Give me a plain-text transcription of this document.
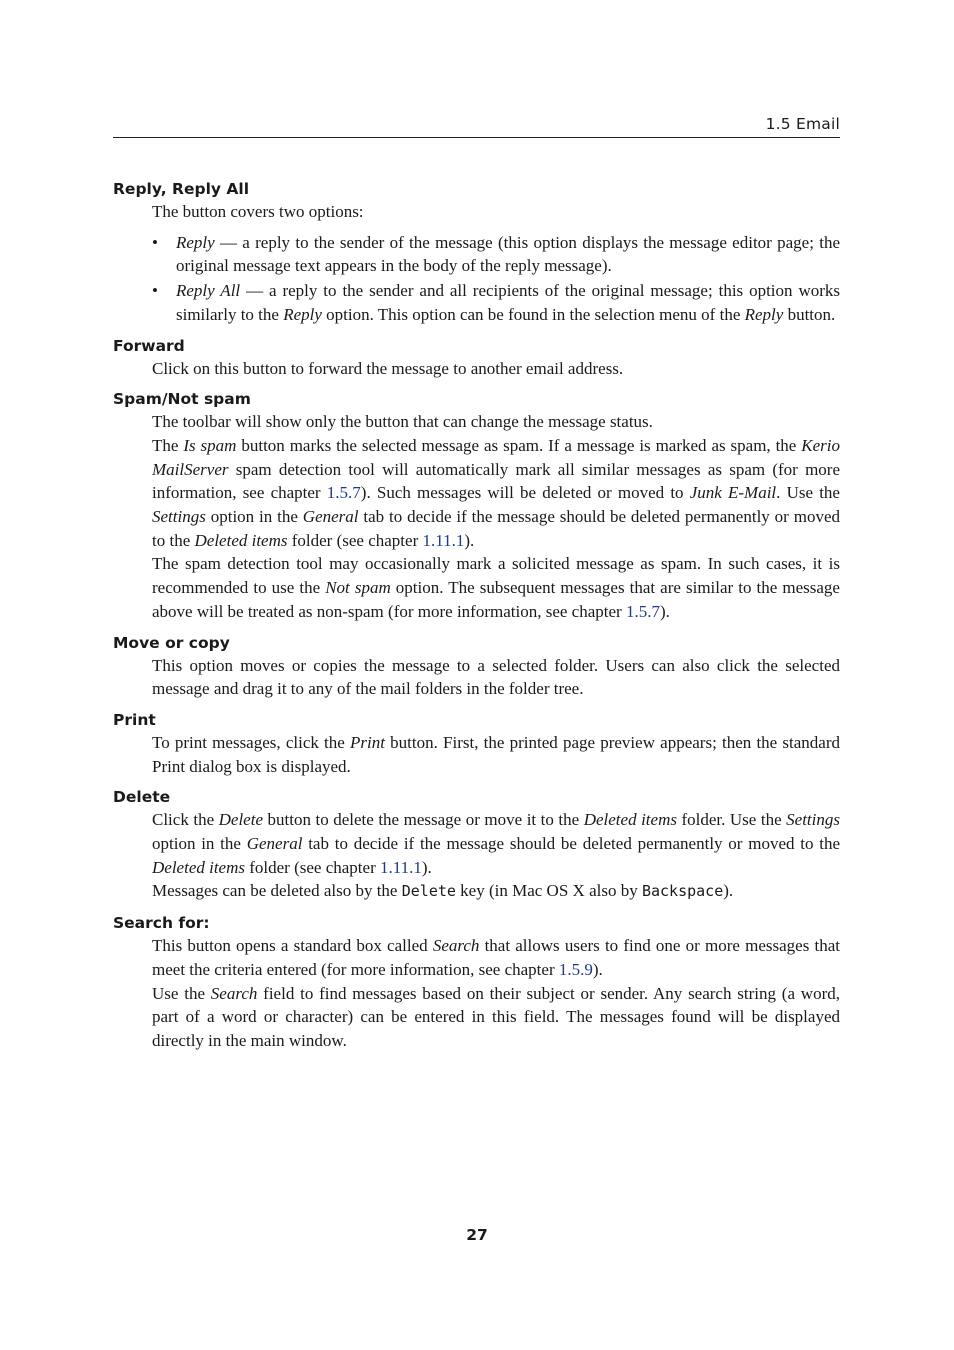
1.5 Email
Reply, Reply All

The button covers two options:

• Reply — a reply to the sender of the message (this option displays the message editor page; the original message text appears in the body of the reply message).
• Reply All — a reply to the sender and all recipients of the original message; this option works similarly to the Reply option. This option can be found in the selection menu of the Reply button.
Forward

Click on this button to forward the message to another email address.

Spam/Not spam

The toolbar will show only the button that can change the message status.

The Is spam button marks the selected message as spam. If a message is marked as spam, the Kerio MailServer spam detection tool will automatically mark all similar messages as spam (for more information, see chapter 1.5.7). Such messages will be deleted or moved to Junk E-Mail. Use the Settings option in the General tab to decide if the message should be deleted permanently or moved to the Deleted items folder (see chapter 1.11.1).

The spam detection tool may occasionally mark a solicited message as spam. In such cases, it is recommended to use the Not spam option. The subsequent messages that are similar to the message above will be treated as non-spam (for more information, see chapter 1.5.7).

Move or copy

This option moves or copies the message to a selected folder. Users can also click the selected message and drag it to any of the mail folders in the folder tree.

Print

To print messages, click the Print button. First, the printed page preview appears; then the standard Print dialog box is displayed.

Delete

Click the Delete button to delete the message or move it to the Deleted items folder. Use the Settings option in the General tab to decide if the message should be deleted permanently or moved to the Deleted items folder (see chapter 1.11.1).

Messages can be deleted also by the Delete key (in Mac OS X also by Backspace).

Search for:

This button opens a standard box called Search that allows users to find one or more messages that meet the criteria entered (for more information, see chapter 1.5.9).

Use the Search field to find messages based on their subject or sender. Any search string (a word, part of a word or character) can be entered in this field. The messages found will be displayed directly in the main window.

27
